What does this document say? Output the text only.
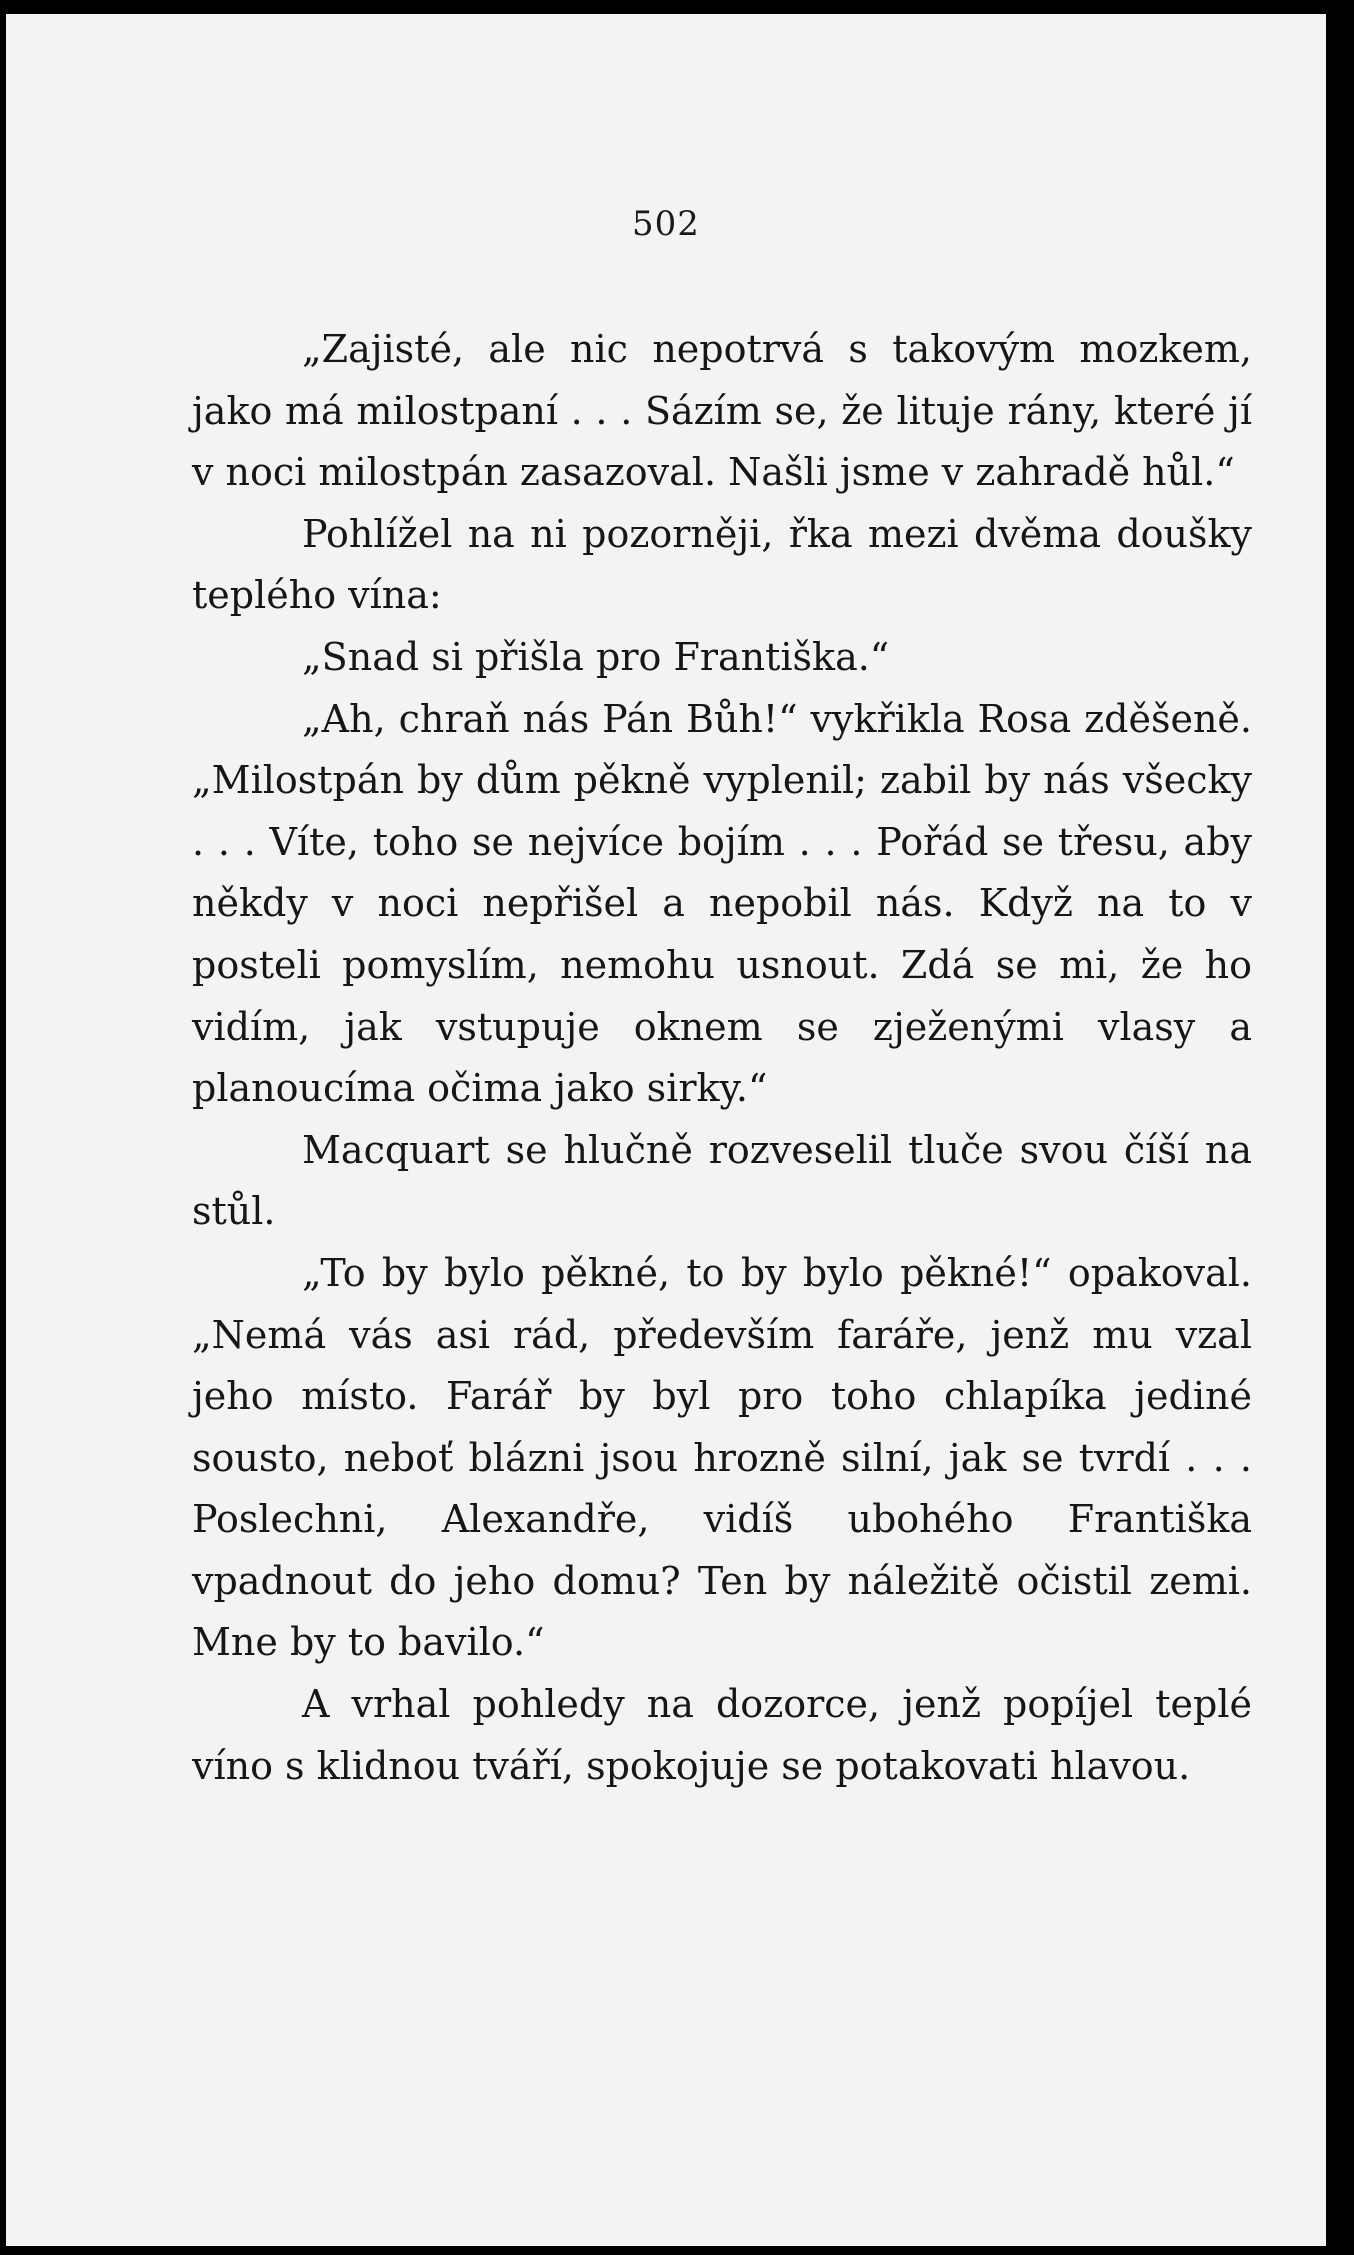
502

„Zajisté, ale nic nepotrvá s takovým mozkem, jako má milostpaní . . . Sázím se, že lituje rány, které jí v noci milostpán zasazoval. Našli jsme v zahradě hůl.“

Pohlížel na ni pozorněji, řka mezi dvěma doušky teplého vína:

„Snad si přišla pro Františka.“

„Ah, chraň nás Pán Bůh!“ vykřikla Rosa zděšeně. „Milostpán by dům pěkně vyplenil; zabil by nás všecky . . . Víte, toho se nejvíce bojím . . . Pořád se třesu, aby někdy v noci nepřišel a nepobil nás. Když na to v posteli pomyslím, nemohu usnout. Zdá se mi, že ho vidím, jak vstupuje oknem se zježenými vlasy a planoucíma očima jako sirky.“

Macquart se hlučně rozveselil tluče svou číší na stůl.

„To by bylo pěkné, to by bylo pěkné!“ opakoval. „Nemá vás asi rád, především faráře, jenž mu vzal jeho místo. Farář by byl pro toho chlapíka jediné sousto, neboť blázni jsou hrozně silní, jak se tvrdí . . . Poslechni, Alexandře, vidíš ubohého Františka vpadnout do jeho domu? Ten by náležitě očistil zemi. Mne by to bavilo.“

A vrhal pohledy na dozorce, jenž popíjel teplé víno s klidnou tváří, spokojuje se potakovati hlavou.
